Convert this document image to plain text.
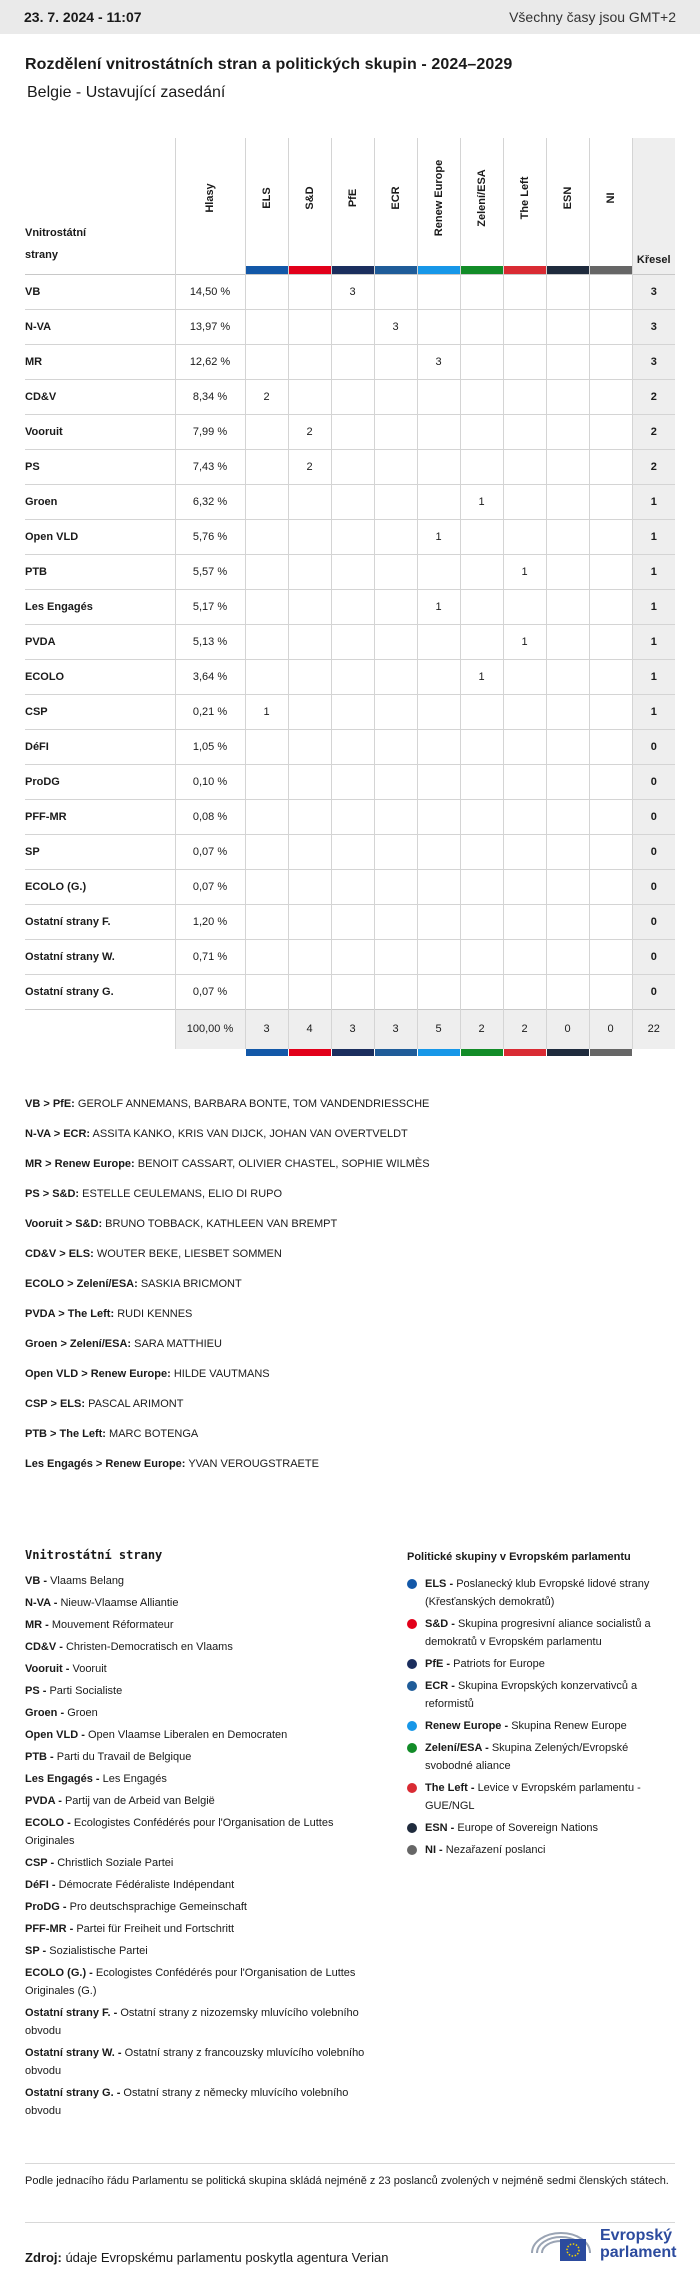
23. 7. 2024 - 11:07	Všechny časy jsou GMT+2
Rozdělení vnitrostátních stran a politických skupin - 2024–2029
Belgie - Ustavující zasedání
Vnitrostátní strany	Hlasy	ELS	S&D	PfE	ECR	Renew Europe	Zelení/ESA	The Left	ESN	NI	Křesel
VB	14,50 %			3							3
N-VA	13,97 %				3						3
MR	12,62 %					3					3
CD&V	8,34 %	2									2
Vooruit	7,99 %		2								2
PS	7,43 %		2								2
Groen	6,32 %						1				1
Open VLD	5,76 %					1					1
PTB	5,57 %							1			1
Les Engagés	5,17 %					1					1
PVDA	5,13 %							1			1
ECOLO	3,64 %						1				1
CSP	0,21 %	1									1
DéFI	1,05 %										0
ProDG	0,10 %										0
PFF-MR	0,08 %										0
SP	0,07 %										0
ECOLO (G.)	0,07 %										0
Ostatní strany F.	1,20 %										0
Ostatní strany W.	0,71 %										0
Ostatní strany G.	0,07 %										0
	100,00 %	3	4	3	3	5	2	2	0	0	22
VB > PfE: GEROLF ANNEMANS, BARBARA BONTE, TOM VANDENDRIESSCHE
N-VA > ECR: ASSITA KANKO, KRIS VAN DIJCK, JOHAN VAN OVERTVELDT
MR > Renew Europe: BENOIT CASSART, OLIVIER CHASTEL, SOPHIE WILMÈS
PS > S&D: ESTELLE CEULEMANS, ELIO DI RUPO
Vooruit > S&D: BRUNO TOBBACK, KATHLEEN VAN BREMPT
CD&V > ELS: WOUTER BEKE, LIESBET SOMMEN
ECOLO > Zelení/ESA: SASKIA BRICMONT
PVDA > The Left: RUDI KENNES
Groen > Zelení/ESA: SARA MATTHIEU
Open VLD > Renew Europe: HILDE VAUTMANS
CSP > ELS: PASCAL ARIMONT
PTB > The Left: MARC BOTENGA
Les Engagés > Renew Europe: YVAN VEROUGSTRAETE
Vnitrostátní strany
VB - Vlaams Belang
N-VA - Nieuw-Vlaamse Alliantie
MR - Mouvement Réformateur
CD&V - Christen-Democratisch en Vlaams
Vooruit - Vooruit
PS - Parti Socialiste
Groen - Groen
Open VLD - Open Vlaamse Liberalen en Democraten
PTB - Parti du Travail de Belgique
Les Engagés - Les Engagés
PVDA - Partij van de Arbeid van België
ECOLO - Ecologistes Confédérés pour l'Organisation de Luttes Originales
CSP - Christlich Soziale Partei
DéFI - Démocrate Fédéraliste Indépendant
ProDG - Pro deutschsprachige Gemeinschaft
PFF-MR - Partei für Freiheit und Fortschritt
SP - Sozialistische Partei
ECOLO (G.) - Ecologistes Confédérés pour l'Organisation de Luttes Originales (G.)
Ostatní strany F. - Ostatní strany z nizozemsky mluvícího volebního obvodu
Ostatní strany W. - Ostatní strany z francouzsky mluvícího volebního obvodu
Ostatní strany G. - Ostatní strany z německy mluvícího volebního obvodu
Politické skupiny v Evropském parlamentu
ELS - Poslanecký klub Evropské lidové strany (Křesťanských demokratů)
S&D - Skupina progresivní aliance socialistů a demokratů v Evropském parlamentu
PfE - Patriots for Europe
ECR - Skupina Evropských konzervativců a reformistů
Renew Europe - Skupina Renew Europe
Zelení/ESA - Skupina Zelených/Evropské svobodné aliance
The Left - Levice v Evropském parlamentu - GUE/NGL
ESN - Europe of Sovereign Nations
NI - Nezařazení poslanci
Podle jednacího řádu Parlamentu se politická skupina skládá nejméně z 23 poslanců zvolených v nejméně sedmi členských státech.
Zdroj: údaje Evropskému parlamentu poskytla agentura Verian
Evropský
parlament
